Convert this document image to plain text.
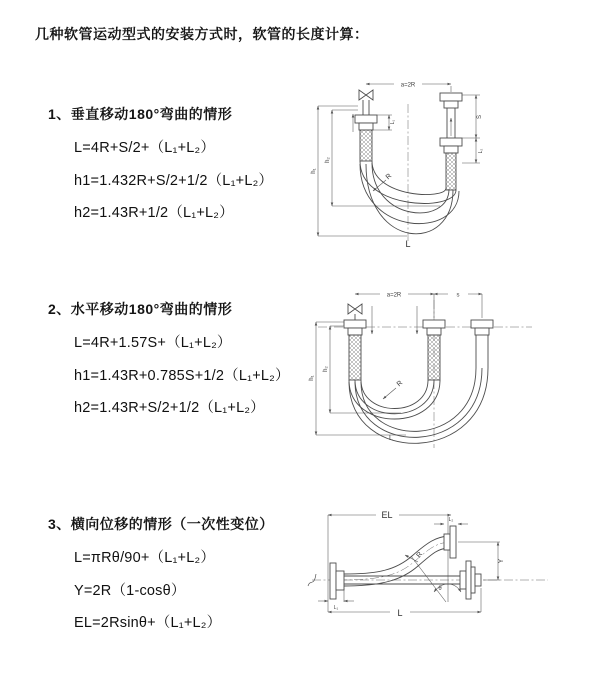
几种软管运动型式的安装方式时，软管的长度计算：
1、垂直移动180°弯曲的情形

L=4R+S/2+（L₁+L₂）

h1=1.432R+S/2+1/2（L₁+L₂）

h2=1.43R+1/2（L₁+L₂）

a=2R
h₁
h₂
S
L₂
L₁
R
L
2、水平移动180°弯曲的情形

L=4R+1.57S+（L₁+L₂）

h1=1.43R+0.785S+1/2（L₁+L₂）

h2=1.43R+S/2+1/2（L₁+L₂）

a=2R	s
h₁
h₂
R
L
3、横向位移的情形（一次性变位）

L=πRθ/90+（L₁+L₂）

Y=2R（1-cosθ）

EL=2Rsinθ+（L₁+L₂）

EL	L₂
Y
R
θ
L
L₁
